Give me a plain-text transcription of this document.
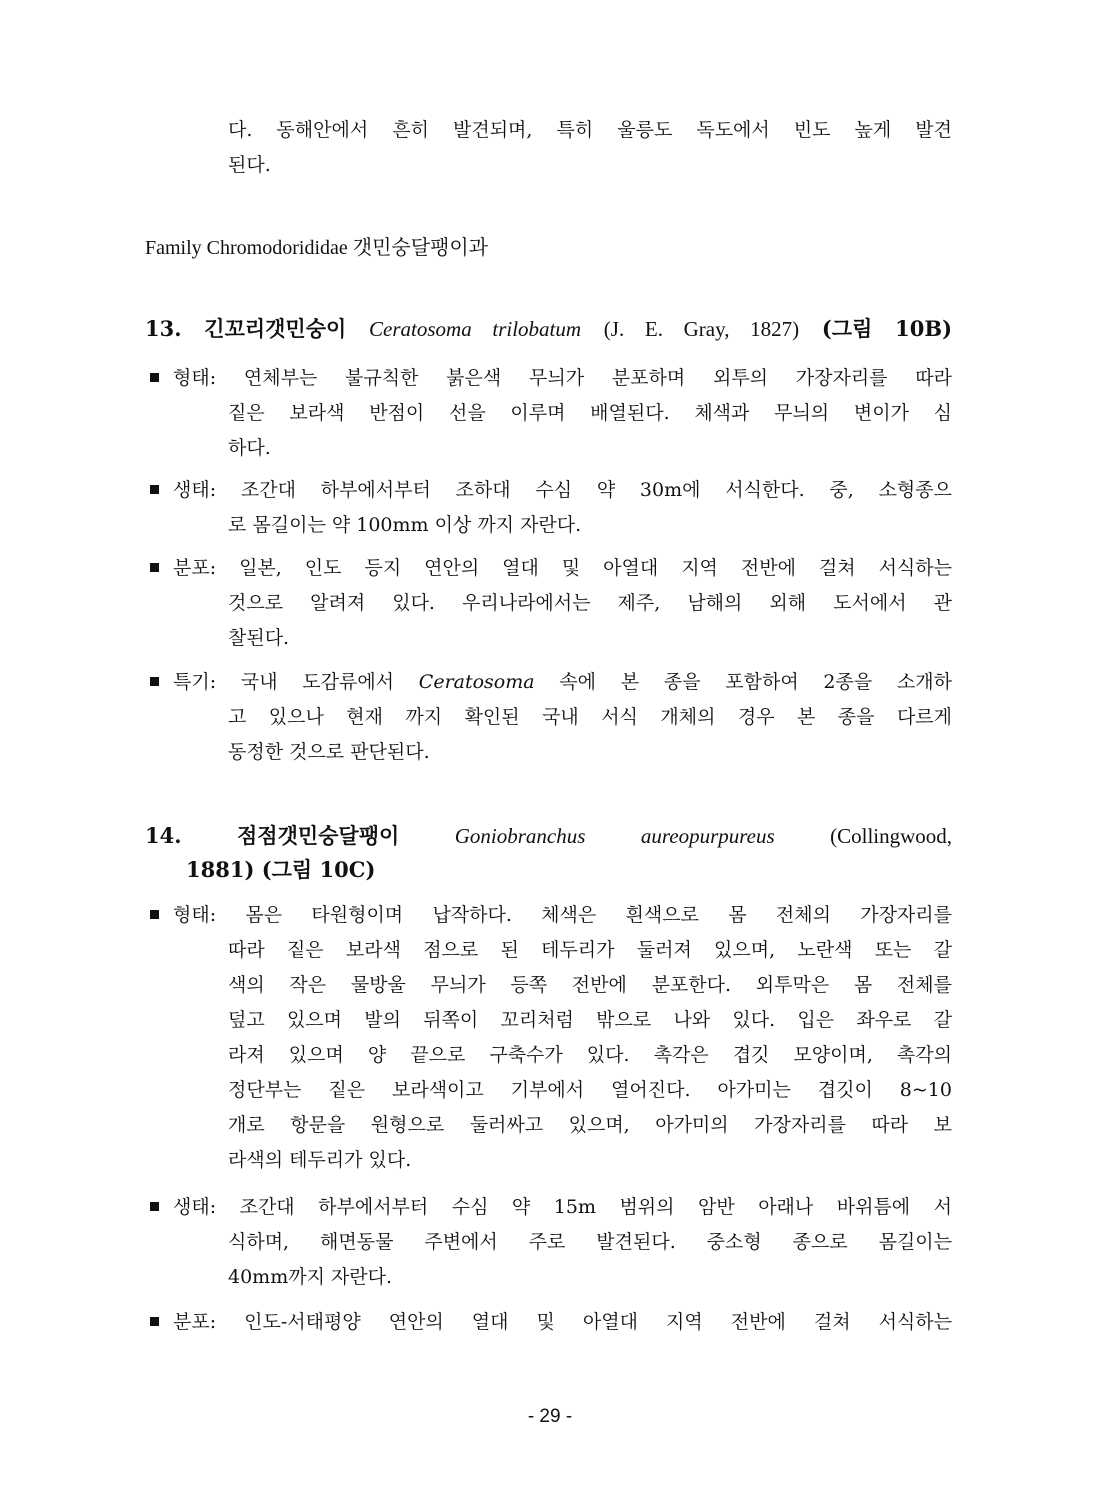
다. 동해안에서 흔히 발견되며, 특히 울릉도 독도에서 빈도 높게 발견
된다.
Family Chromodorididae 갯민숭달팽이과
13. 긴꼬리갯민숭이 Ceratosoma trilobatum (J. E. Gray, 1827) (그림 10B)
형태: 연체부는 불규칙한 붉은색 무늬가 분포하며 외투의 가장자리를 따라
짙은 보라색 반점이 선을 이루며 배열된다. 체색과 무늬의 변이가 심
하다.
생태: 조간대 하부에서부터 조하대 수심 약 30m에 서식한다. 중, 소형종으
로 몸길이는 약 100mm 이상 까지 자란다.
분포: 일본, 인도 등지 연안의 열대 및 아열대 지역 전반에 걸쳐 서식하는
것으로 알려져 있다. 우리나라에서는 제주, 남해의 외해 도서에서 관
찰된다.
특기: 국내 도감류에서 Ceratosoma 속에 본 종을 포함하여 2종을 소개하
고 있으나 현재 까지 확인된 국내 서식 개체의 경우 본 종을 다르게
동정한 것으로 판단된다.
14.	점점갯민숭달팽이	Goniobranchus	aureopurpureus	(Collingwood,
1881) (그림 10C)
형태: 몸은 타원형이며 납작하다. 체색은 흰색으로 몸 전체의 가장자리를
따라 짙은 보라색 점으로 된 테두리가 둘러져 있으며, 노란색 또는 갈
색의 작은 물방울 무늬가 등쪽 전반에 분포한다. 외투막은 몸 전체를
덮고 있으며 발의 뒤쪽이 꼬리처럼 밖으로 나와 있다. 입은 좌우로 갈
라져 있으며 양 끝으로 구축수가 있다. 촉각은 겹깃 모양이며, 촉각의
정단부는 짙은 보라색이고 기부에서 열어진다. 아가미는 겹깃이 8~10
개로 항문을 원형으로 둘러싸고 있으며, 아가미의 가장자리를 따라 보
라색의 테두리가 있다.
생태: 조간대 하부에서부터 수심 약 15m 범위의 암반 아래나 바위틈에 서
식하며, 해면동물 주변에서 주로 발견된다. 중소형 종으로 몸길이는
40mm까지 자란다.
분포: 인도-서태평양 연안의 열대 및 아열대 지역 전반에 걸쳐 서식하는
- 29 -
